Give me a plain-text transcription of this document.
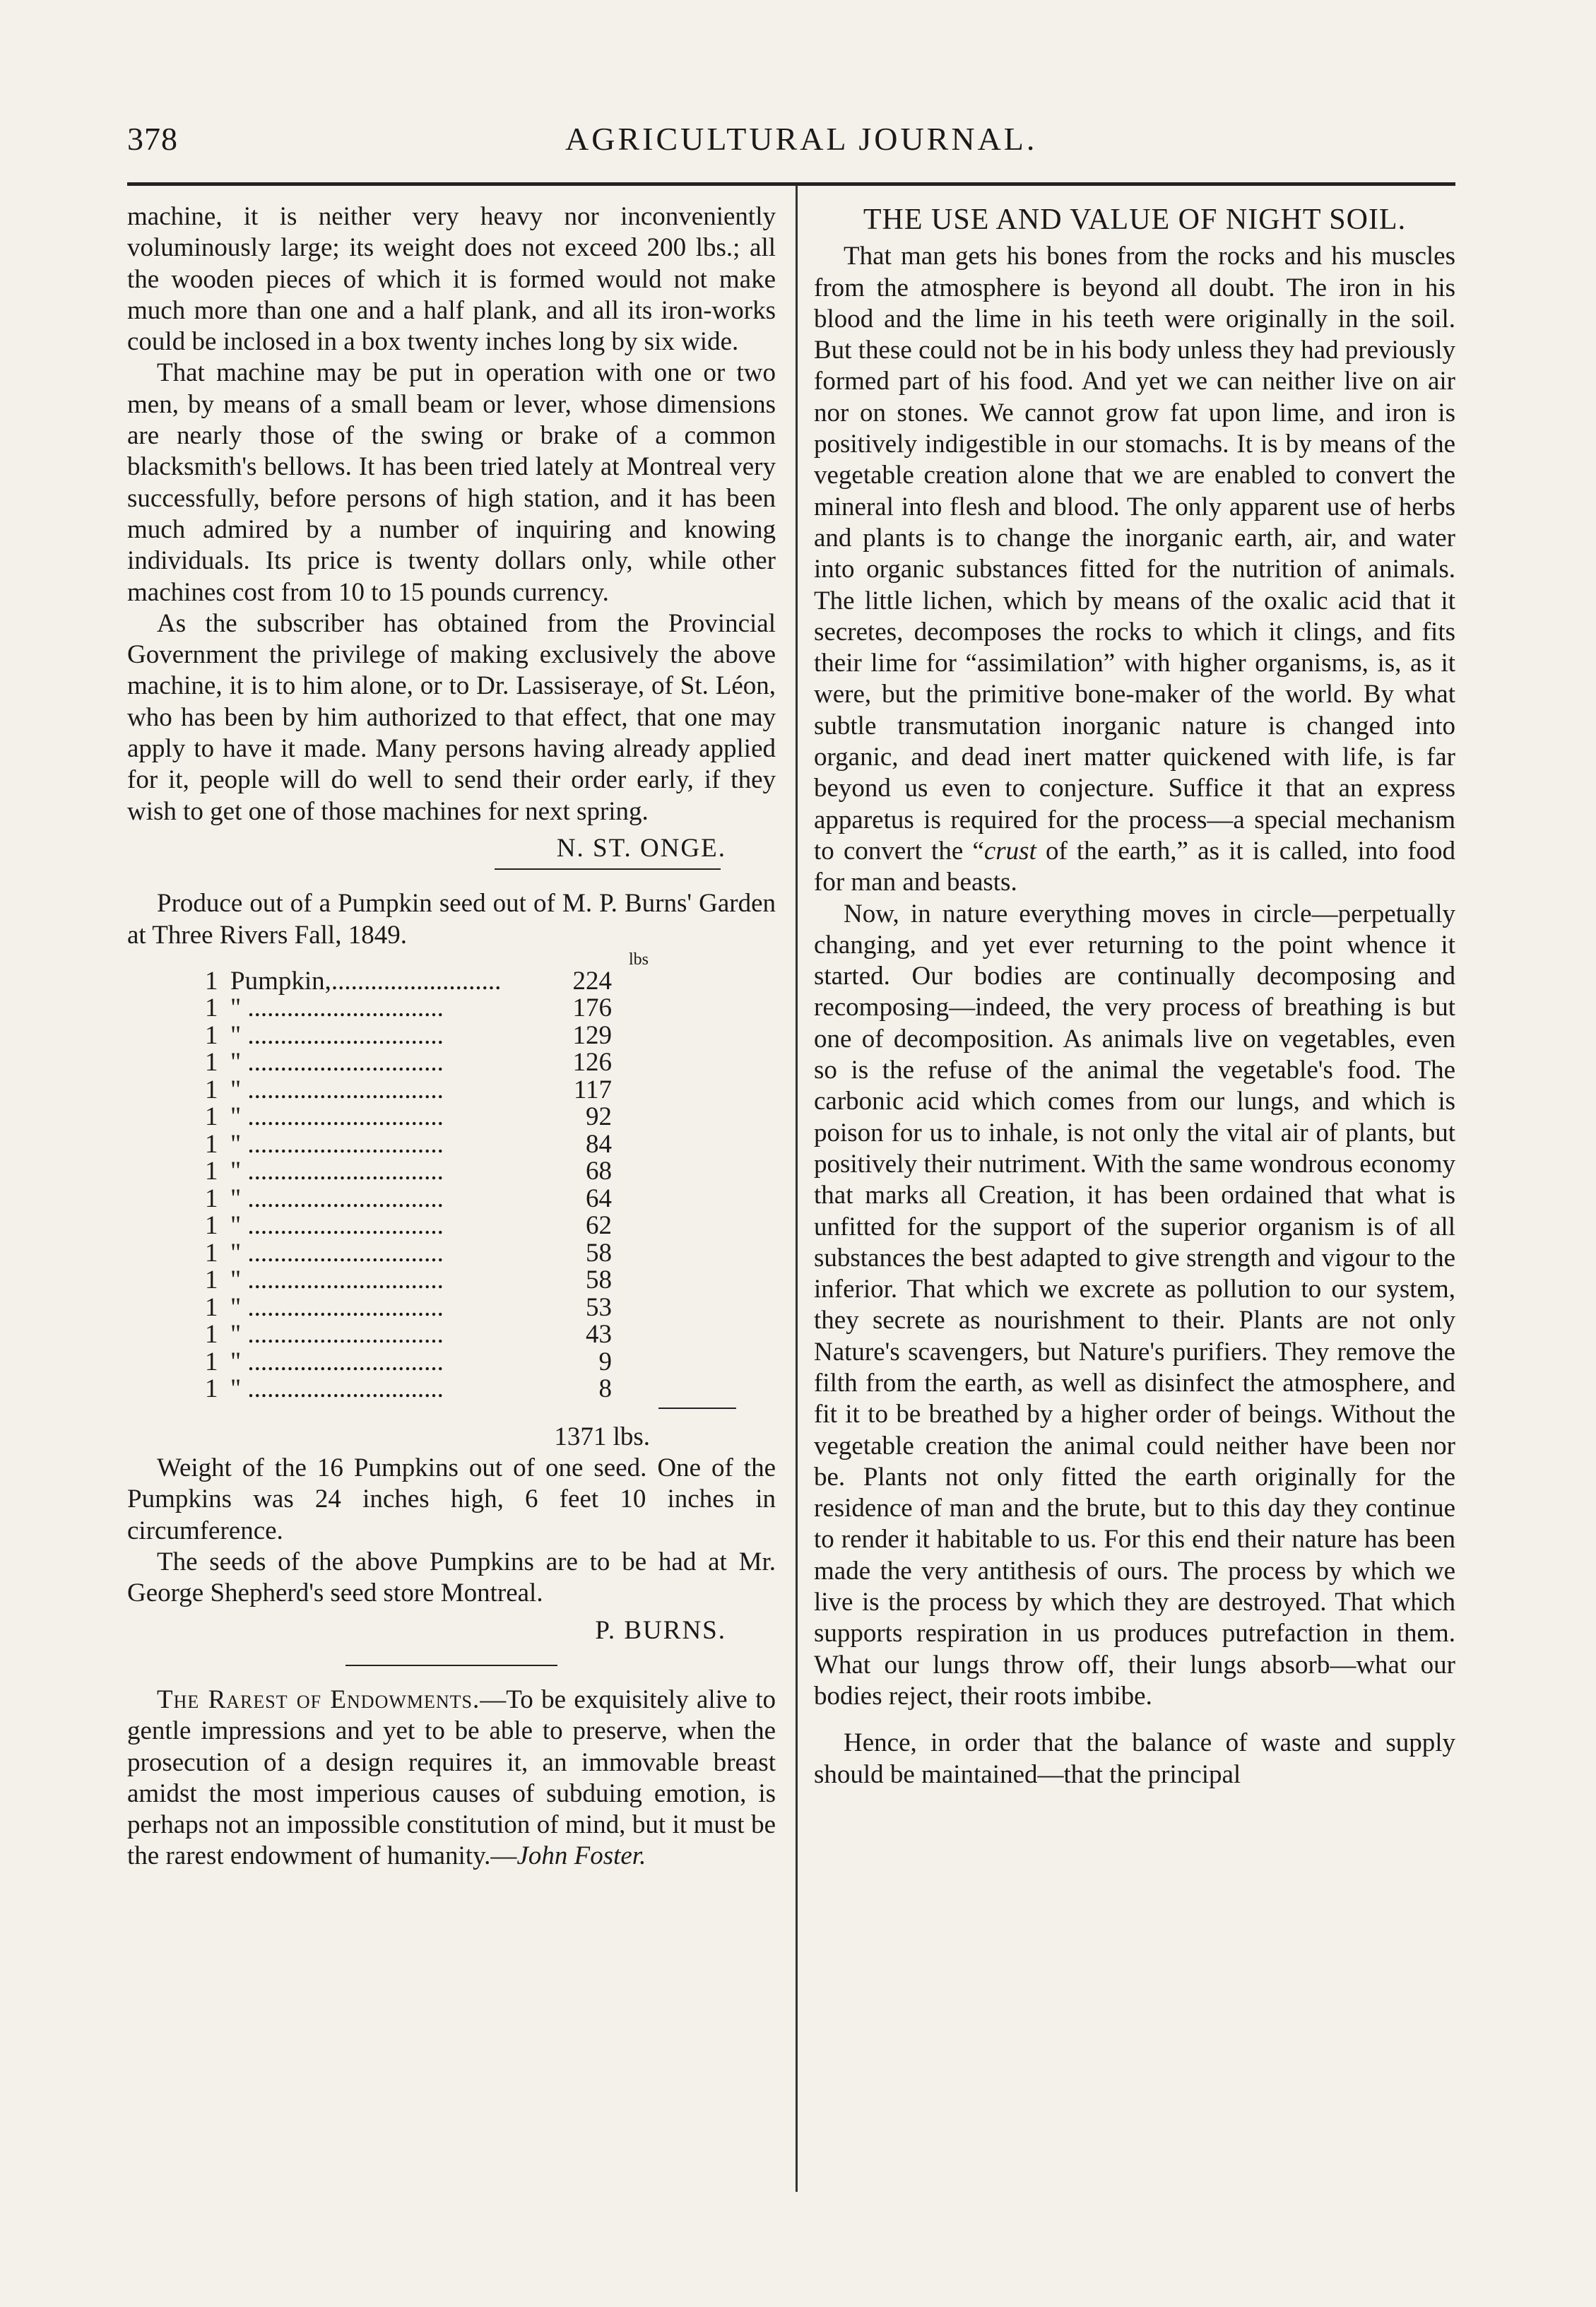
378	AGRICULTURAL JOURNAL.

machine, it is neither very heavy nor inconveniently voluminously large; its weight does not exceed 200 lbs.; all the wooden pieces of which it is formed would not make much more than one and a half plank, and all its iron-works could be inclosed in a box twenty inches long by six wide.

That machine may be put in operation with one or two men, by means of a small beam or lever, whose dimensions are nearly those of the swing or brake of a common blacksmith's bellows. It has been tried lately at Montreal very successfully, before persons of high station, and it has been much admired by a number of inquiring and knowing individuals. Its price is twenty dollars only, while other machines cost from 10 to 15 pounds currency.

As the subscriber has obtained from the Provincial Government the privilege of making exclusively the above machine, it is to him alone, or to Dr. Lassiseraye, of St. Léon, who has been by him authorized to that effect, that one may apply to have it made. Many persons having already applied for it, people will do well to send their order early, if they wish to get one of those machines for next spring.

N. ST. ONGE.

Produce out of a Pumpkin seed out of M. P. Burns' Garden at Three Rivers Fall, 1849.

lbs
1	Pumpkin,..........................	224
1	" ..............................	176
1	" ..............................	129
1	" ..............................	126
1	" ..............................	117
1	" ..............................	92
1	" ..............................	84
1	" ..............................	68
1	" ..............................	64
1	" ..............................	62
1	" ..............................	58
1	" ..............................	58
1	" ..............................	53
1	" ..............................	43
1	" ..............................	9
1	" ..............................	8

1371 lbs.

Weight of the 16 Pumpkins out of one seed. One of the Pumpkins was 24 inches high, 6 feet 10 inches in circumference.

The seeds of the above Pumpkins are to be had at Mr. George Shepherd's seed store Montreal.

P. BURNS.

The Rarest of Endowments.—To be exquisitely alive to gentle impressions and yet to be able to preserve, when the prosecution of a design requires it, an immovable breast amidst the most imperious causes of subduing emotion, is perhaps not an impossible constitution of mind, but it must be the rarest endowment of humanity.—John Foster.

THE USE AND VALUE OF NIGHT SOIL.

That man gets his bones from the rocks and his muscles from the atmosphere is beyond all doubt. The iron in his blood and the lime in his teeth were originally in the soil. But these could not be in his body unless they had previously formed part of his food. And yet we can neither live on air nor on stones. We cannot grow fat upon lime, and iron is positively indigestible in our stomachs. It is by means of the vegetable creation alone that we are enabled to convert the mineral into flesh and blood. The only apparent use of herbs and plants is to change the inorganic earth, air, and water into organic substances fitted for the nutrition of animals. The little lichen, which by means of the oxalic acid that it secretes, decomposes the rocks to which it clings, and fits their lime for “assimilation” with higher organisms, is, as it were, but the primitive bone-maker of the world. By what subtle transmutation inorganic nature is changed into organic, and dead inert matter quickened with life, is far beyond us even to conjecture. Suffice it that an express apparetus is required for the process—a special mechanism to convert the “crust of the earth,” as it is called, into food for man and beasts.

Now, in nature everything moves in circle—perpetually changing, and yet ever returning to the point whence it started. Our bodies are continually decomposing and recomposing—indeed, the very process of breathing is but one of decomposition. As animals live on vegetables, even so is the refuse of the animal the vegetable's food. The carbonic acid which comes from our lungs, and which is poison for us to inhale, is not only the vital air of plants, but positively their nutriment. With the same wondrous economy that marks all Creation, it has been ordained that what is unfitted for the support of the superior organism is of all substances the best adapted to give strength and vigour to the inferior. That which we excrete as pollution to our system, they secrete as nourishment to their. Plants are not only Nature's scavengers, but Nature's purifiers. They remove the filth from the earth, as well as disinfect the atmosphere, and fit it to be breathed by a higher order of beings. Without the vegetable creation the animal could neither have been nor be. Plants not only fitted the earth originally for the residence of man and the brute, but to this day they continue to render it habitable to us. For this end their nature has been made the very antithesis of ours. The process by which we live is the process by which they are destroyed. That which supports respiration in us produces putrefaction in them. What our lungs throw off, their lungs absorb—what our bodies reject, their roots imbibe.

Hence, in order that the balance of waste and supply should be maintained—that the principal
